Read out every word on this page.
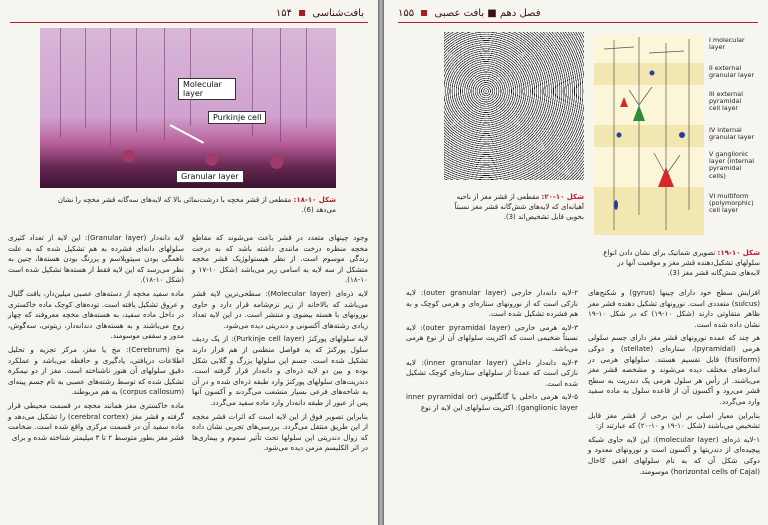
بافت‌شناسی  ۱۵۴
Molecular
layer
Purkinje cell
Granular layer
شکل ۱۰-۱۸: مقطعی از قشر مخچه با درشت‌نمائی بالا که لایه‌های سه‌گانه قشر مخچه را نشان می‌دهد (6).

وجود چینهای متعدد در قشر باعث می‌شوند که مقاطع مخچه منظره درخت مانندی داشته باشد که به درخت زندگی موسوم است. از نظر هیستولوژیک قشر مخچه متشکل از سه لایه به اسامی زیر می‌باشد (شکل ۱۰-۱۷ و ۱۰-۱۸).

لایه ذره‌ای (Molecular layer): سطحی‌ترین لایه قشر می‌باشد که بالاخانه از زیر نرم‌شامه قرار دارد و حاوی نورونهای با هسته بیضوی و منتشر است. در این لایه تعداد زیادی رشته‌های آکسونی و دندریتی دیده می‌شود.

لایه سلولهای پورکنژ (Purkinje cell layer): از یک ردیف سلول پورکنژ که به فواصل منظمی از هم قرار دارند تشکیل شده است. جسم این سلولها بزرگ و گلابی شکل بوده و بین دو لایه ذره‌ای و دانه‌دار قرار گرفته است. دندریت‌های سلولهای پورکنژ وارد طبقه ذره‌ای شده و در آن به شاخه‌های فرعی بسیار منشعب می‌گردند و آکسون آنها پس از عبور از طبقه دانه‌دار وارد ماده سفید می‌گردد.

بنابراین تصویر فوق از این لایه است که اثرات قشر مخچه از این طریق منتقل می‌گردد. بررسی‌های تجربی نشان داده که زوال دندریتی این سلولها تحت تأثیر سموم و بیماری‌ها در اثر الکلیسم مزمن دیده می‌شود.

لایه دانه‌دار (Granular layer): این لایه از تعداد کثیری سلولهای دانه‌ای فشرده به هم تشکیل شده که به علت ناهمگی بودن سیتوپلاسم و پررنگ بودن هسته‌ها، چنین به نظر می‌رسد که این لایه فقط از هسته‌ها تشکیل شده است (شکل ۱۰-۱۸).

ماده سفید مخچه از دسته‌های عصبی میلین‌دار، بافت گلیال و عروق تشکیل یافته است. توده‌های کوچک ماده خاکستری در داخل ماده سفید، به هسته‌های مخچه معروفند که چهار زوج می‌باشند و به هسته‌های دندانه‌دار، زیتونی، سه‌گوش، مدور و سقفی موسومند.

مخ (Cerebrum): مخ یا مغز، مرکز تجزیه و تحلیل اطلاعات دریافتی، یادگیری و حافظه می‌باشد و عملکرد دقیق سلولهای آن هنوز ناشناخته است. مغز از دو نیمکره تشکیل شده که توسط رشته‌های عصبی به نام جسم پینه‌ای (corpus callosum) به هم مربوطند.

ماده خاکستری مغز همانند مخچه در قسمت محیطی قرار گرفته و قشر مغز (cerebral cortex) را تشکیل می‌دهد و ماده سفید آن در قسمت مرکزی واقع شده است. ضخامت قشر مغز بطور متوسط ۲ تا ۳ میلیمتر شناخته شده و برای

۱۵۵ فصل دهم ■ بافت عصبی
I molecular
layer
II external
granular layer
III external
pyramidal
cell layer
IV internal
granular layer
V ganglionic
layer (internal
pyramidal
cells)
VI multiform
(polymorphic)
cell layer
شکل ۱۰-۲۰: مقطعی از قشر مغز از ناحیه آهیانه‌ای که لایه‌های شش‌گانه قشر مغز نسبتاً بخوبی قابل تشخیص‌اند (3).
شکل ۱۰-۱۹: تصویری شماتیک برای نشان دادن انواع سلولهای تشکیل‌دهنده قشر مغز و موقعیت آنها در لایه‌های شش‌گانه قشر مغز (3).

افزایش سطح خود دارای چینها (gyrus) و شکنج‌های (sulcus) متعددی است. نورونهای تشکیل دهنده قشر مغز ظاهر متفاوتی دارند (شکل ۱۰-۱۹) که در شکل ۱۰-۱۹ نشان داده شده است.

هر چند که عمده نورونهای قشر مغز دارای جسم سلولی هرمی (pyramidal)، ستاره‌ای (stellate) و دوکی (fusiform) قابل تقسیم هستند. سلولهای هرمی در اندازه‌های مختلف دیده می‌شوند و مشخصه قشر مغز می‌باشند. از رأس هر سلول هرمی یک دندریت به سطح قشر می‌رود و آکسون آن از قاعده سلول به ماده سفید وارد می‌گردد.

بنابراین معیار اصلی بر این برخی از قشر مغز قابل تشخیص می‌باشند (شکل ۱۰-۱۹ و ۱۰-۲۰) که عبارتند از:

۱-لایه ذره‌ای (molecular layer): این لایه حاوی شبکه پیچیده‌ای از دندریتها و آکسون است و نورونهای معدود و دوکی شکل آن که به نام سلولهای افقی کاخال (horizontal cells of Cajal) موسومند.

۲-لایه دانه‌دار خارجی (outer granular layer): لایه نازکی است که از نورونهای ستاره‌ای و هرمی کوچک و به هم فشرده تشکیل شده است.

۳-لایه هرمی خارجی (outer pyramidal layer): لایه نسبتاً ضخیمی است که اکثریت سلولهای آن از نوع هرمی می‌باشد.

۴-لایه دانه‌دار داخلی (inner granular layer): لایه نازکی است که عمدتاً از سلولهای ستاره‌ای کوچک تشکیل شده است.

۵-لایه هرمی داخلی یا گانگلیونی (inner pyramidal or ganglionic layer): اکثریت سلولهای این لایه از نوع
